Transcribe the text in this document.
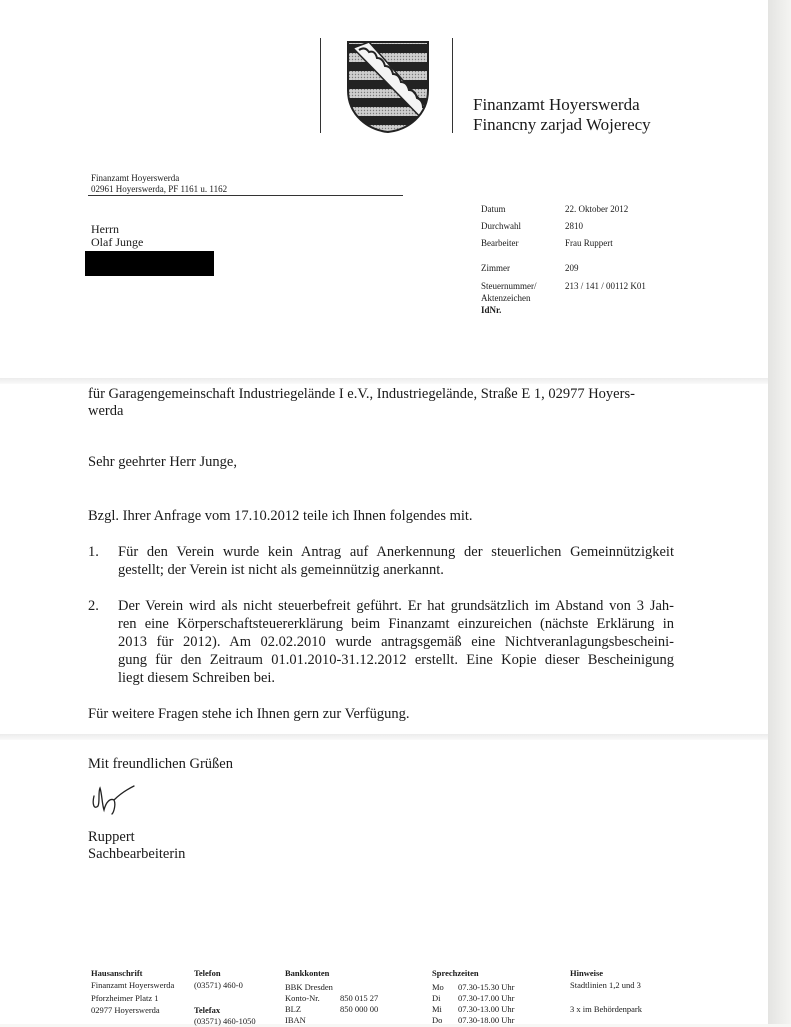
Finanzamt Hoyerswerda
Financny zarjad Wojerecy
Finanzamt Hoyerswerda
02961 Hoyerswerda, PF 1161 u. 1162
Herrn
Olaf Junge
Datum	22. Oktober 2012
Durchwahl	2810
Bearbeiter	Frau Ruppert
Zimmer	209
Steuernummer/	213 / 141 / 00112 K01
Aktenzeichen
IdNr.
für Garagengemeinschaft Industriegelände I e.V., Industriegelände, Straße E 1, 02977 Hoyers-
werda
Sehr geehrter Herr Junge,
Bzgl. Ihrer Anfrage vom 17.10.2012 teile ich Ihnen folgendes mit.
1. Für den Verein wurde kein Antrag auf Anerkennung der steuerlichen Gemeinnützigkeit
gestellt; der Verein ist nicht als gemeinnützig anerkannt.
2. Der Verein wird als nicht steuerbefreit geführt. Er hat grundsätzlich im Abstand von 3 Jah-
ren eine Körperschaftsteuererklärung beim Finanzamt einzureichen (nächste Erklärung in
2013 für 2012). Am 02.02.2010 wurde antragsgemäß eine Nichtveranlagungsbescheini-
gung für den Zeitraum 01.01.2010-31.12.2012 erstellt. Eine Kopie dieser Bescheinigung
liegt diesem Schreiben bei.
Für weitere Fragen stehe ich Ihnen gern zur Verfügung.
Mit freundlichen Grüßen
Ruppert
Sachbearbeiterin
Hausanschrift
Finanzamt Hoyerswerda
Pforzheimer Platz 1
02977 Hoyerswerda
Telefon
(03571) 460-0
Telefax
(03571) 460-1050
Bankkonten
BBK Dresden
Konto-Nr. 850 015 27
BLZ	850 000 00
IBAN
Sprechzeiten
Mo 07.30-15.30 Uhr
Di 07.30-17.00 Uhr
Mi 07.30-13.00 Uhr
Do 07.30-18.00 Uhr
Hinweise
Stadtlinien 1,2 und 3
3 x im Behördenpark
